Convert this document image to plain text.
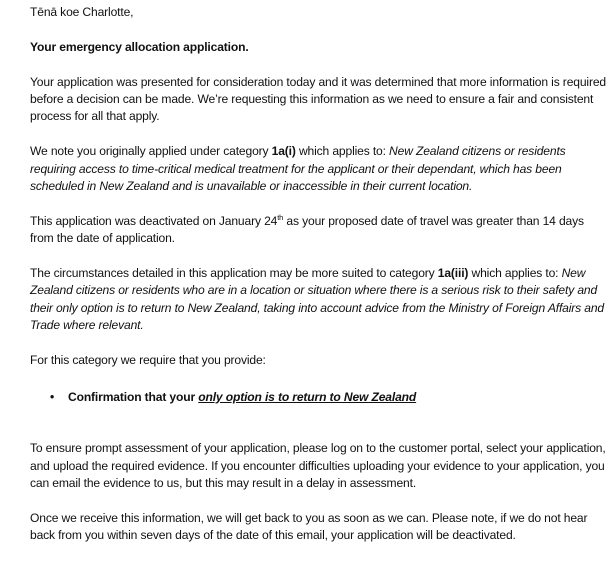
Tēnā koe Charlotte,

Your emergency allocation application.

Your application was presented for consideration today and it was determined that more information is required before a decision can be made. We’re requesting this information as we need to ensure a fair and consistent process for all that apply.

We note you originally applied under category 1a(i) which applies to: New Zealand citizens or residents requiring access to time-critical medical treatment for the applicant or their dependant, which has been scheduled in New Zealand and is unavailable or inaccessible in their current location.

This application was deactivated on January 24th as your proposed date of travel was greater than 14 days from the date of application.

The circumstances detailed in this application may be more suited to category 1a(iii) which applies to: New Zealand citizens or residents who are in a location or situation where there is a serious risk to their safety and their only option is to return to New Zealand, taking into account advice from the Ministry of Foreign Affairs and Trade where relevant.

For this category we require that you provide:

• Confirmation that your only option is to return to New Zealand

To ensure prompt assessment of your application, please log on to the customer portal, select your application, and upload the required evidence. If you encounter difficulties uploading your evidence to your application, you can email the evidence to us, but this may result in a delay in assessment.

Once we receive this information, we will get back to you as soon as we can. Please note, if we do not hear back from you within seven days of the date of this email, your application will be deactivated.
